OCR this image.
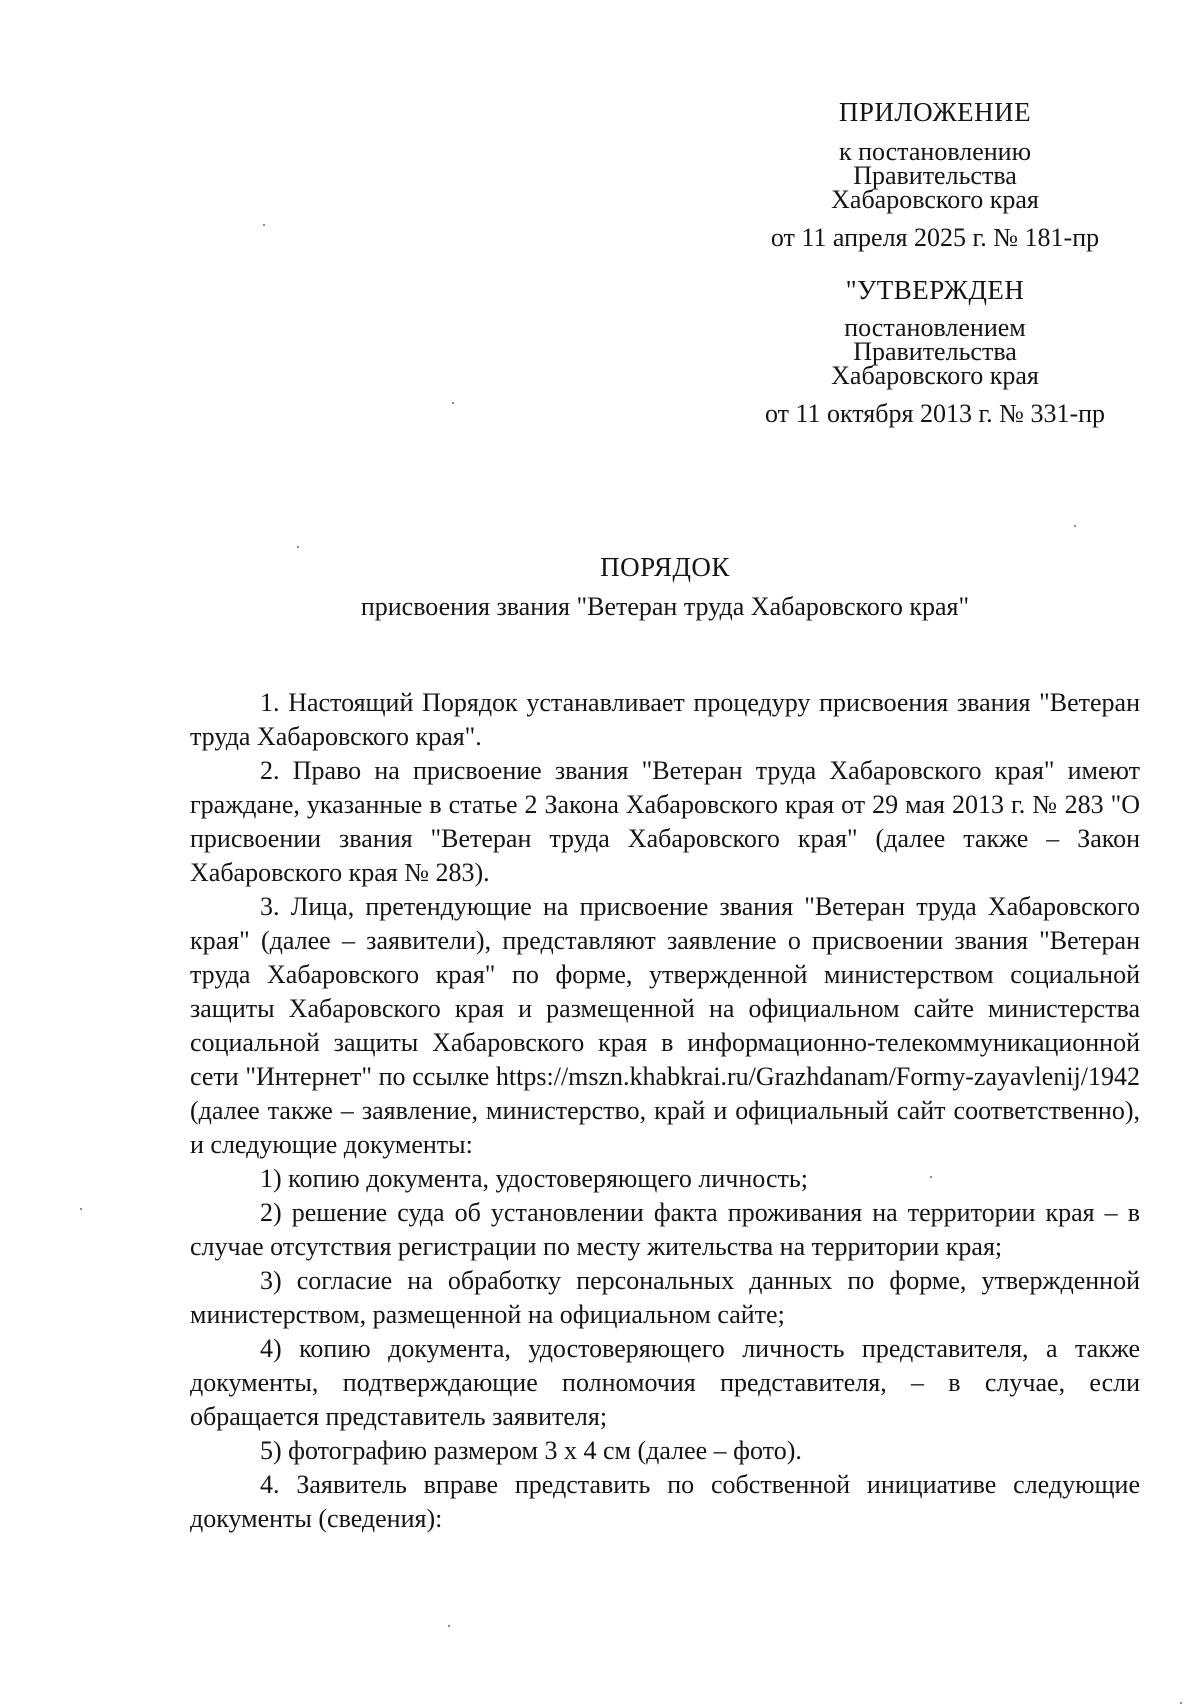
ПРИЛОЖЕНИЕ
к постановлению
Правительства
Хабаровского края
от 11 апреля 2025 г. № 181-пр
"УТВЕРЖДЕН
постановлением
Правительства
Хабаровского края
от 11 октября 2013 г. № 331-пр
ПОРЯДОК
присвоения звания "Ветеран труда Хабаровского края"

1. Настоящий Порядок устанавливает процедуру присвоения звания "Ветеран труда Хабаровского края".

2. Право на присвоение звания "Ветеран труда Хабаровского края" имеют граждане, указанные в статье 2 Закона Хабаровского края от 29 мая 2013 г. № 283 "О присвоении звания "Ветеран труда Хабаровского края" (далее также – Закон Хабаровского края № 283).

3. Лица, претендующие на присвоение звания "Ветеран труда Хабаровского края" (далее – заявители), представляют заявление о присвоении звания "Ветеран труда Хабаровского края" по форме, утвержденной министерством социальной защиты Хабаровского края и размещенной на официальном сайте министерства социальной защиты Хабаровского края в информационно-телекоммуникационной сети "Интернет" по ссылке https://mszn.khabkrai.ru/Grazhdanam/Formy-zayavlenij/1942 (далее также – заявление, министерство, край и официальный сайт соответственно), и следующие документы:

1) копию документа, удостоверяющего личность;

2) решение суда об установлении факта проживания на территории края – в случае отсутствия регистрации по месту жительства на территории края;

3) согласие на обработку персональных данных по форме, утвержденной министерством, размещенной на официальном сайте;

4) копию документа, удостоверяющего личность представителя, а также документы, подтверждающие полномочия представителя, – в случае, если обращается представитель заявителя;

5) фотографию размером 3 х 4 см (далее – фото).

4. Заявитель вправе представить по собственной инициативе следующие документы (сведения):
